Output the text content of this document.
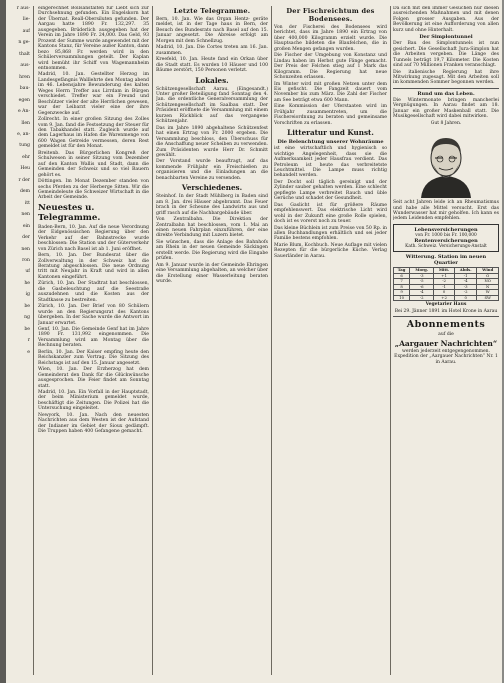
r aus-
lie-
auf
n ge-
thalt
aus-
hren
bau-
egen
e An-
llen
e, an-
tung
ehr
Heu
r der
dem
itt
nen
ein
der
nen
ron
uf
he
ig
be
ng
be
r
e

eingerechnet Bollsanstalten für Liebt sich zur Durchsehnung gefunden. Ein Engelskorn hat der Übernat. Reall-Obersiluten gefunden. Der Aargau hatte 1890 Fr. 132,297. 35 ausgegeben. Brüderlich ausgegeben hat der Verein im Jahre 1890 Fr. 24,000. Das Geld, 93 Prozent der Summe wurde angewendet mit der Kantons Stanz, für Vereine außer Kanton, dann bezo 85,868 Fr. werden wird in den Schülerversammlungen geteilt. Der Kaplan wird bemüht ihr Schiff von Wagemannheim entnommen.

Madrid, 10. Jan. Gestellter Herzog im Landesgefängnis Walllehrte den Montag abend im 46. Lebensjahre Bewunderung des kalten Weges Herrn Treffer aus Lirrdam in Bürgen verschiedet. Treffer war ein Freund und Beschützer vieler der alte Herrlichen gewesen, war der Leibarzt vieler eine der ihre Gegenzwecke auf.

Zollrecht. In einer großen Sitzung des Zolles vom 9. Jan. fand die Festsetzung der Steuer für den Tabakhandel statt. Zugleich wurde auf dem Lagerhaus im Hafen die Warenmenge von 600 Wagen Getreide vermessen, deren Rest gemeldet ist für den Monat.

Breitenb. Das Bürgerlichen Kongreß der Schulwesen in seiner Sitzung vom Dezember auf den Kanton Wallis und Stadt, dann die Gemeinden der Schweiz und so viel Bauern gehört es.

Döttingen. Im Monat Dezember standen von sechs Pferden zu der Herberge Sitten. Wir die Gemeindeleute die Schweizer Wirtschaft in die Arbeit der Gemeinde.

Neuestes u. Telegramme.

Baden-Bern, 10. Jan. Auf die neue Verordnung der Eidgenössischen Regierung über den Verkehr auf der Bahnstrecke wurde beschlossen: Die Station und der Güterverkehr von Zürich nach Basel ist ab 1. Juni eröffnet.

Bern, 10. Jan. Der Bundesrat über die Zollverwaltung in der Schweiz hat die Beratung abgeschlossen. Die neue Ordnung tritt mit Neujahr in Kraft und wird in allen Kantonen eingeführt.

Zürich, 10. Jan. Der Stadtrat hat beschlossen, die Gasbeleuchtung auf die Seestraße auszudehnen und die Kosten aus der Stadtkasse zu bestreiten.

Zürich, 10. Jan. Der Brief von 80 Schülern wurde an den Regierungsrat des Kantons übergeben. In der Sache wurde die Antwort im Januar erwartet.

Genf, 10. Jan. Die Gemeinde Genf hat im Jahre 1890 Fr. 131,992 eingenommen. Die Versammlung wird am Montag über die Rechnung beraten.

Berlin, 10. Jan. Der Kaiser empfing heute den Reichskanzler zum Vortrag. Die Sitzung des Reichstags ist auf den 15. Januar angesetzt.

Wien, 10. Jan. Der Erzherzog hat dem Gemeinderat den Dank für die Glückwünsche ausgesprochen. Die Feier findet am Sonntag statt.

Madrid, 10. Jan. Ein Vorfall in der Hauptstadt, der beim Ministerium gemeldet wurde, beschäftigt die Zeitungen. Die Polizei hat die Untersuchung eingeleitet.

Newyork, 10. Jan. Nach den neuesten Nachrichten aus dem Westen ist der Aufstand der Indianer im Gebiet der Sioux gedämpft. Die Truppen haben 400 Gefangene gemacht.

Letzte Telegramme.

Bern, 10. Jan. Wie das Organ Hentz- geräte meldet, ist in der Tage haus in Bern, der Besuch des Bundesrats nach Basel auf den 15. Januar angesetzt. Die Abreise erfolgt am Morgen mit dem Schnellzug.

Madrid, 10. Jan. Die Cortes treten am 16. Jan. zusammen.

Kreefeld, 10. Jan. Heute fand ein Orkan über die Stadt statt. Es wurden 10 Häuser und 100 Bäume zerstört, 150 Personen verletzt.

Lokales.

Schützengesellschaft Aarau. (Eingesandt.) Unter großer Beteiligung fand Sonntag den 4. Jan. die ordentliche Generalversammlung der Schützengesellschaft im Saalbau statt. Der Präsident eröffnete die Versammlung mit einem kurzen Rückblick auf das vergangene Schützenjahr.

Das im Jahre 1890 abgehaltene Schützenfest hat einen Ertrag von Fr. 2000 ergeben. Die Versammlung beschloss, den Überschuss für die Anschaffung neuer Scheiben zu verwenden. Zum Präsidenten wurde Herr Dr. Schmitt gewählt.

Der Vorstand wurde beauftragt, auf das kommende Frühjahr ein Freischießen zu organisieren und die Einladungen an die benachbarten Vereine zu versenden.

Verschiedenes.

Steinhof. In der Stadt Mühlberg in Baden sind am 8. Jan. drei Häuser abgebrannt. Das Feuer brach in der Scheune des Landwirts aus und griff rasch auf die Nachbargebäude über.

Von Zentralbahn. Die Direktion der Zentralbahn hat beschlossen, vom 1. Mai an einen neuen Fahrplan einzuführen, der eine direkte Verbindung mit Luzern bietet.

Sie wünschen, dass die Anlage des Bahnhofs am Rhein in der neuen Gemeinde Säckingen erstellt werde. Die Regierung wird die Eingabe prüfen.

Am 9. Januar wurde in der Gemeinde Ehringen eine Versammlung abgehalten, an welcher über die Erstellung einer Wasserleitung beraten wurde.

Der Fischreichtum des Bodensees.

Von der Fischerei des Bodensees wird berichtet, dass im Jahre 1890 ein Ertrag von über 400,000 Kilogramm erzielt wurde. Die Hauptsache bildeten die Blaufelchen, die in großen Mengen gefangen wurden.

Die Fischer der Umgebung von Konstanz und Lindau haben im Herbst gute Fänge gemacht. Der Preis der Felchen stieg auf 1 Mark das Kilogramm. Die Regierung hat neue Schonzeiten erlassen.

Im Winter wird mit großen Netzen unter dem Eis gefischt. Die Fangzeit dauert vom November bis zum März. Die Zahl der Fischer am See beträgt etwa 600 Mann.

Eine Kommission der Uferstaaten wird im Frühjahr zusammentreten, um die Fischereiordnung zu beraten und gemeinsame Vorschriften zu erlassen.

Litteratur und Kunst.
Die Belenchtung unserer Wohnräume

ist eine wirtschaftlich und hygienisch so wichtige Angelegenheit, dass sie die Aufmerksamkeit jeder Hausfrau verdient. Das Petroleum ist heute das verbreitetste Leuchtmittel. Die Lampe muss richtig behandelt werden.

Der Docht soll täglich gereinigt und der Zylinder sauber gehalten werden. Eine schlecht gepflegte Lampe verbreitet Rauch und üble Gerüche und schadet der Gesundheit.

Das Gaslicht ist für größere Räume empfehlenswert. Das elektrische Licht wird wohl in der Zukunft eine große Rolle spielen, doch ist es vorerst noch zu teuer.

Das kleine Büchlein ist zum Preise von 50 Rp. in allen Buchhandlungen erhältlich und sei jeder Familie bestens empfohlen.

Marie Blum, Kochbuch. Neue Auflage mit vielen Rezepten für die bürgerliche Küche. Verlag Sauerländer in Aarau.

Da sich mit den immer Gesuchen nur diesen ausreichenden Maßnahmen und mit denen Folgen grosser Ausgaben. Aus der Bevölkerung ist eine Aufforderung von allen kurz und ohne Hinterhalt.

Der Simplontunnel

Der Bau des Simplontunnels ist nun gesichert. Die Gesellschaft Jura-Simplon hat die Arbeiten vergeben. Die Länge des Tunnels beträgt 19,7 Kilometer. Die Kosten sind auf 70 Millionen Franken veranschlagt.

Die italienische Regierung hat ihre Mitwirkung zugesagt. Mit den Arbeiten soll im kommenden Sommer begonnen werden.

Rund um das Leben.

Die Wintermonate bringen mancherlei Vergnügungen. In Aarau findet am 18. Januar ein großer Maskenball statt. Die Musikgesellschaft wird dabei mitwirken.

Gut 8 Jahren.

Seit acht Jahren leide ich an Rheumatismus und habe alle Mittel versucht. Erst das Wunderwasser hat mir geholfen. Ich kann es jedem Leidenden empfehlen.

Lebensversicherungen
von Fr. 1000 bis Fr. 100,000
Rentenversicherungen
Kath. Schweiz. Versicherungs-Anstalt
Witterung. Station im neuen Quartier
Tag	Morg.	Mitt.	Abds.	Wind
6	-3	+1	-1	O
7	-5	-2	-4	NO
8	-6	-1	-3	N
9	-4	0	-2	W
10	-2	+2	0	SW
Vegetarier Haus
Bei 29. Jänner 1891 im Hotel Krone in Aarau
Abonnements
auf die
„Aargauer Nachrichten“
werden jederzeit entgegengenommen. Expedition der „Aargauer Nachrichten“ Nr. 1 in Aarau.
